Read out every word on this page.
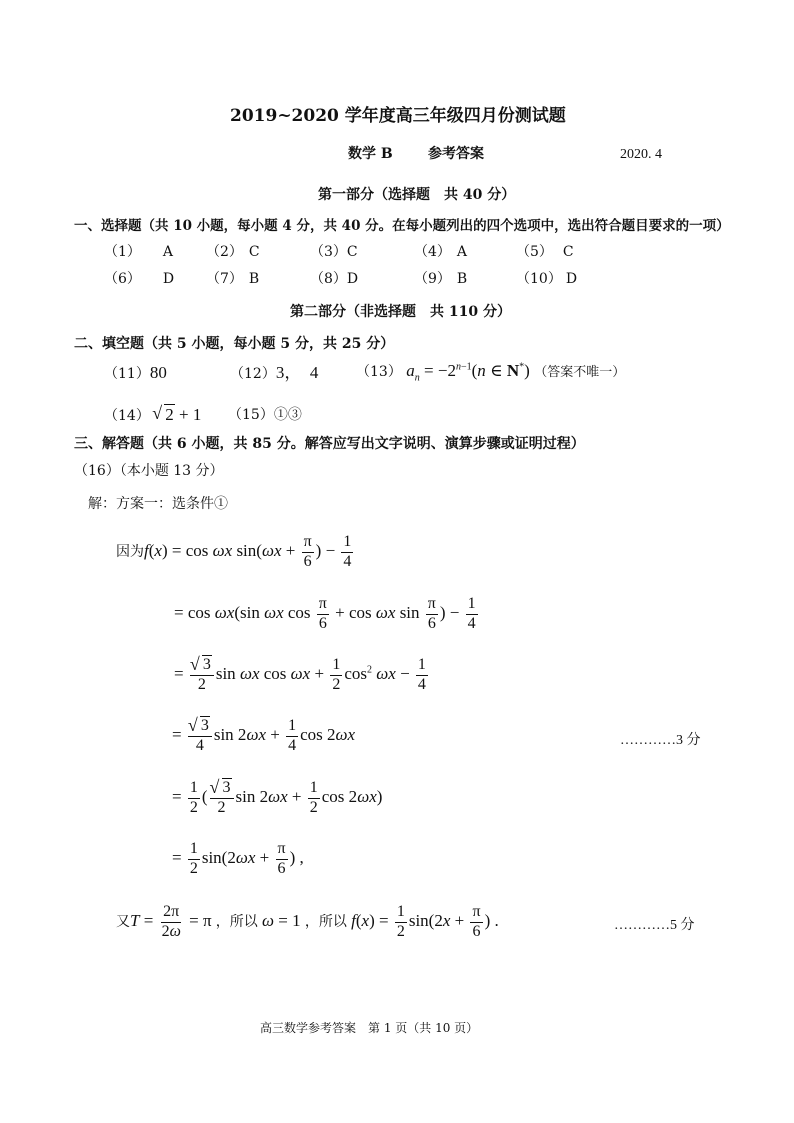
2019~2020 学年度高三年级四月份测试题
数学 B	参考答案	2020. 4
第一部分（选择题　共 40 分）
一、选择题（共 10 小题，每小题 4 分，共 40 分。在每小题列出的四个选项中，选出符合题目要求的一项）
（1） A （2） C	（3）C	（4） A	（5） C
（6） D （7） B	（8）D	（9） B	（10） D
第二部分（非选择题　共 110 分）
二、填空题（共 5 小题，每小题 5 分，共 25 分）
（11）80	（12）3，　4	（13） $a_n = -2^{n-1}(n$ ∈ N*) （答案不唯一）
（14） √ 2 + 1 （15）①③
三、解答题（共 6 小题，共 85 分。解答应写出文字说明、演算步骤或证明过程）
（16）（本小题 13 分）
解：方案一：选条件①
因为f(x) = cos ωx $\sin(\omega x + \frac{\pi}{6}$ ) − $\frac{1}{4}$
= cos ωx(sin ωx $\cos \frac{\pi}{6} + \cos \omega x$ $\sin \frac{\pi}{6}$ ) − $\frac{1}{4}$
= √ $\frac{3}{2}$ sin ωx $\cos \omega x + \frac{1}{2} \cos^2 \omega x - \frac{1}{4}$
= √ $\frac{3}{4}$ $\sin 2\omega x + \frac{1}{4}$ cos 2ωx	…………3 分
= $\frac{1}{2}$ ( √ $\frac{3}{2}$ $\sin 2\omega x + \frac{1}{2}$ cos 2ωx)
= $\frac{1}{2} \sin(2\omega x + \frac{\pi}{6}$ ) ,
又$T = \frac{2\pi}{2\omega} = \pi$ ，所以 ω = 1 ，所以 $f(x) = \frac{1}{2} \sin(2x + \frac{\pi}{6}$ ) .	…………5 分
高三数学参考答案　第 1 页（共 10 页）
